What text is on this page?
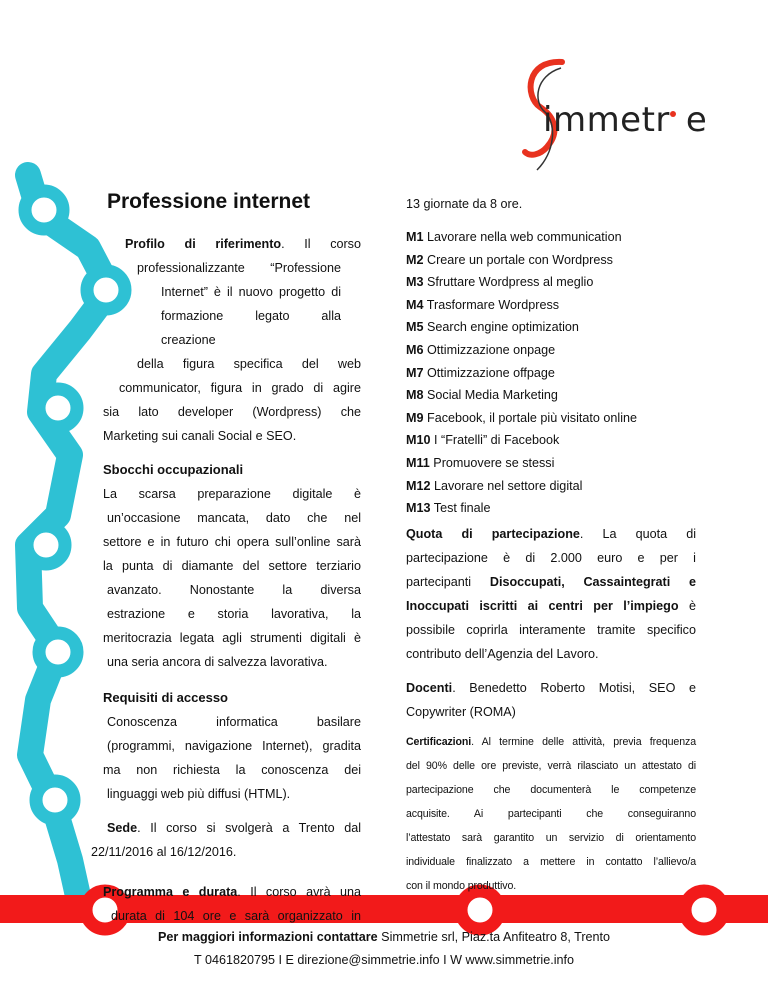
immetr e
Professione internet

Profilo di riferimento. Il corso

professionalizzante “Professione

Internet” è il nuovo progetto di

formazione legato alla creazione

della figura specifica del web

communicator, figura in grado di agire

sia lato developer (Wordpress) che

Marketing sui canali Social e SEO.

Sbocchi occupazionali

La scarsa preparazione digitale è

un’occasione mancata, dato che nel

settore e in futuro chi opera sull’online sarà

la punta di diamante del settore terziario

avanzato. Nonostante la diversa

estrazione e storia lavorativa, la

meritocrazia legata agli strumenti digitali è

una seria ancora di salvezza lavorativa.

Requisiti di accesso

Conoscenza informatica basilare

(programmi, navigazione Internet), gradita

ma non richiesta la conoscenza dei

linguaggi web più diffusi (HTML).

Sede. Il corso si svolgerà a Trento dal

22/11/2016 al 16/12/2016.

Programma e durata. Il corso avrà una

durata di 104 ore e sarà organizzato in

13 giornate da 8 ore.

M1 Lavorare nella web communication
M2 Creare un portale con Wordpress
M3 Sfruttare Wordpress al meglio
M4 Trasformare Wordpress
M5 Search engine optimization
M6 Ottimizzazione onpage
M7 Ottimizzazione offpage
M8 Social Media Marketing
M9 Facebook, il portale più visitato online
M10 I “Fratelli” di Facebook
M11 Promuovere se stessi
M12 Lavorare nel settore digital
M13 Test finale

Quota di partecipazione. La quota di

partecipazione è di 2.000 euro e per i

partecipanti Disoccupati, Cassaintegrati e

Inoccupati iscritti ai centri per l’impiego è

possibile coprirla interamente tramite specifico

contributo dell’Agenzia del Lavoro.

Docenti. Benedetto Roberto Motisi, SEO e

Copywriter (ROMA)

Certificazioni. Al termine delle attività, previa frequenza

del 90% delle ore previste, verrà rilasciato un attestato di

partecipazione che documenterà le competenze

acquisite. Ai partecipanti che conseguiranno

l’attestato sarà garantito un servizio di orientamento

individuale finalizzato a mettere in contatto l’allievo/a

con il mondo produttivo.

Per maggiori informazioni contattare Simmetrie srl, Piaz.ta Anfiteatro 8, Trento
T 0461820795 I E direzione@simmetrie.info I W www.simmetrie.info
